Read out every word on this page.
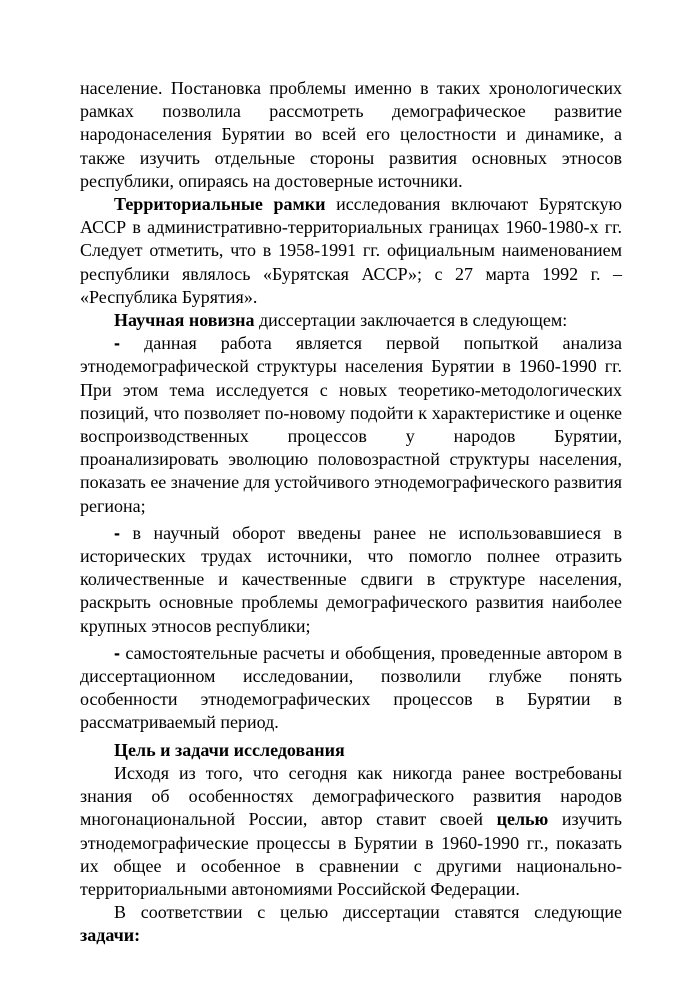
население. Постановка проблемы именно в таких хронологических рамках позволила рассмотреть демографическое развитие народонаселения Бурятии во всей его целостности и динамике, а также изучить отдельные стороны развития основных этносов республики, опираясь на достоверные источники.

Территориальные рамки исследования включают Бурятскую АССР в административно-территориальных границах 1960-1980-х гг. Следует отметить, что в 1958-1991 гг. официальным наименованием республики являлось «Бурятская АССР»; с 27 марта 1992 г. – «Республика Бурятия».

Научная новизна диссертации заключается в следующем:

- данная работа является первой попыткой анализа этнодемографической структуры населения Бурятии в 1960-1990 гг. При этом тема исследуется с новых теоретико-методологических позиций, что позволяет по-новому подойти к характеристике и оценке воспроизводственных процессов у народов Бурятии, проанализировать эволюцию половозрастной структуры населения, показать ее значение для устойчивого этнодемографического развития региона;

- в научный оборот введены ранее не использовавшиеся в исторических трудах источники, что помогло полнее отразить количественные и качественные сдвиги в структуре населения, раскрыть основные проблемы демографического развития наиболее крупных этносов республики;

- самостоятельные расчеты и обобщения, проведенные автором в диссертационном исследовании, позволили глубже понять особенности этнодемографических процессов в Бурятии в рассматриваемый период.

Цель и задачи исследования

Исходя из того, что сегодня как никогда ранее востребованы знания об особенностях демографического развития народов многонациональной России, автор ставит своей целью изучить этнодемографические процессы в Бурятии в 1960-1990 гг., показать их общее и особенное в сравнении с другими национально-территориальными автономиями Российской Федерации.

В соответствии с целью диссертации ставятся следующие задачи:
